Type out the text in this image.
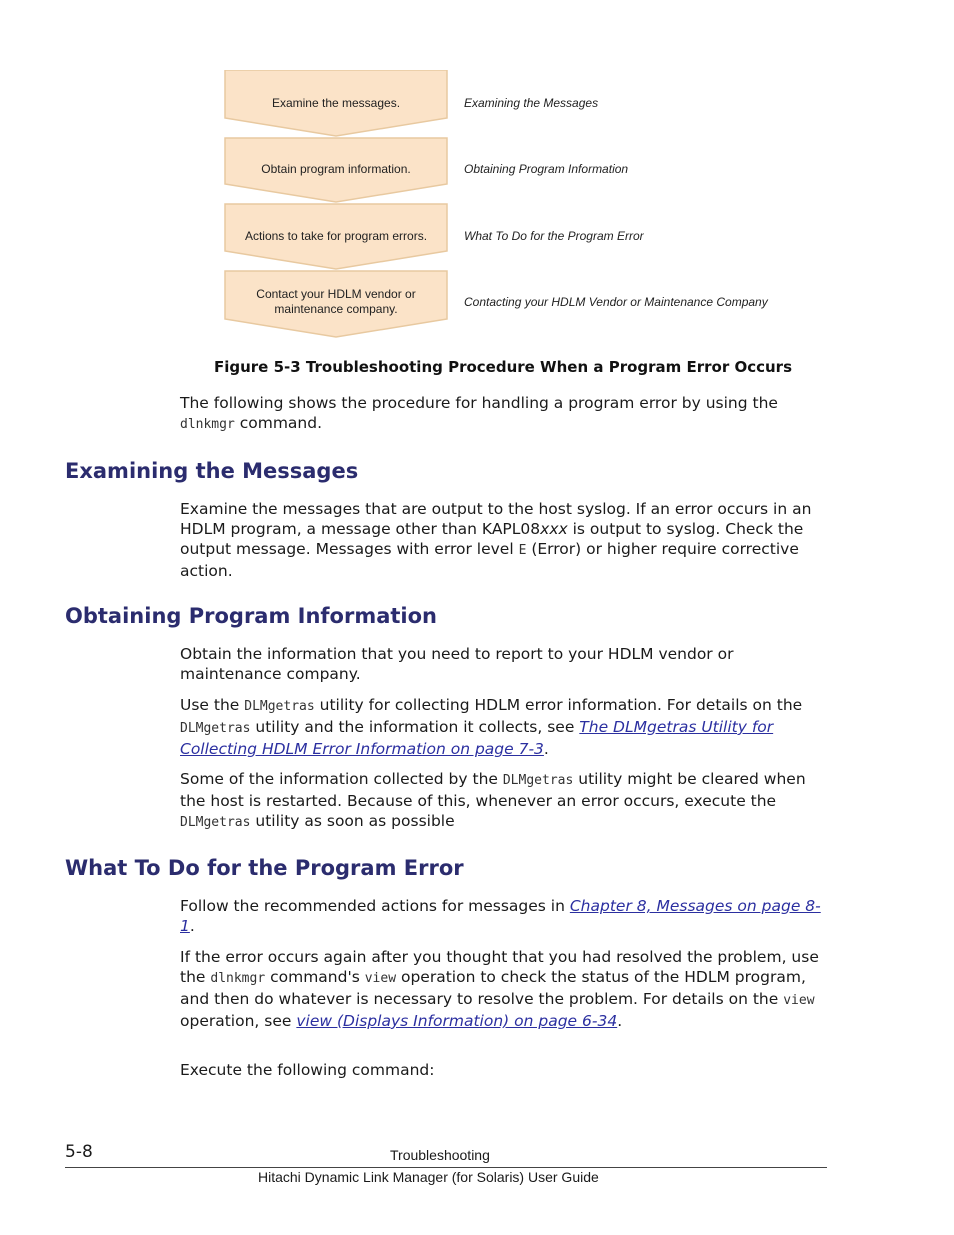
Examine the messages.
Obtain program information.
Actions to take for program errors.
Contact your HDLM vendor or maintenance company.
Examining the Messages
Obtaining Program Information
What To Do for the Program Error
Contacting your HDLM Vendor or Maintenance Company
Figure 5-3 Troubleshooting Procedure When a Program Error Occurs

The following shows the procedure for handling a program error by using the
dlnkmgr command.

Examining the Messages

Examine the messages that are output to the host syslog. If an error occurs in an HDLM program, a message other than KAPL08xxx is output to syslog. Check the output message. Messages with error level E (Error) or higher require corrective action.

Obtaining Program Information

Obtain the information that you need to report to your HDLM vendor or maintenance company.

Use the DLMgetras utility for collecting HDLM error information. For details on the DLMgetras utility and the information it collects, see The DLMgetras Utility for Collecting HDLM Error Information on page 7-3.

Some of the information collected by the DLMgetras utility might be cleared when the host is restarted. Because of this, whenever an error occurs, execute the DLMgetras utility as soon as possible

What To Do for the Program Error

Follow the recommended actions for messages in Chapter 8, Messages on page 8-1.

If the error occurs again after you thought that you had resolved the problem, use the dlnkmgr command's view operation to check the status of the HDLM program, and then do whatever is necessary to resolve the problem. For details on the view operation, see view (Displays Information) on page 6-34.

Execute the following command:

5-8	Troubleshooting
Hitachi Dynamic Link Manager (for Solaris) User Guide
